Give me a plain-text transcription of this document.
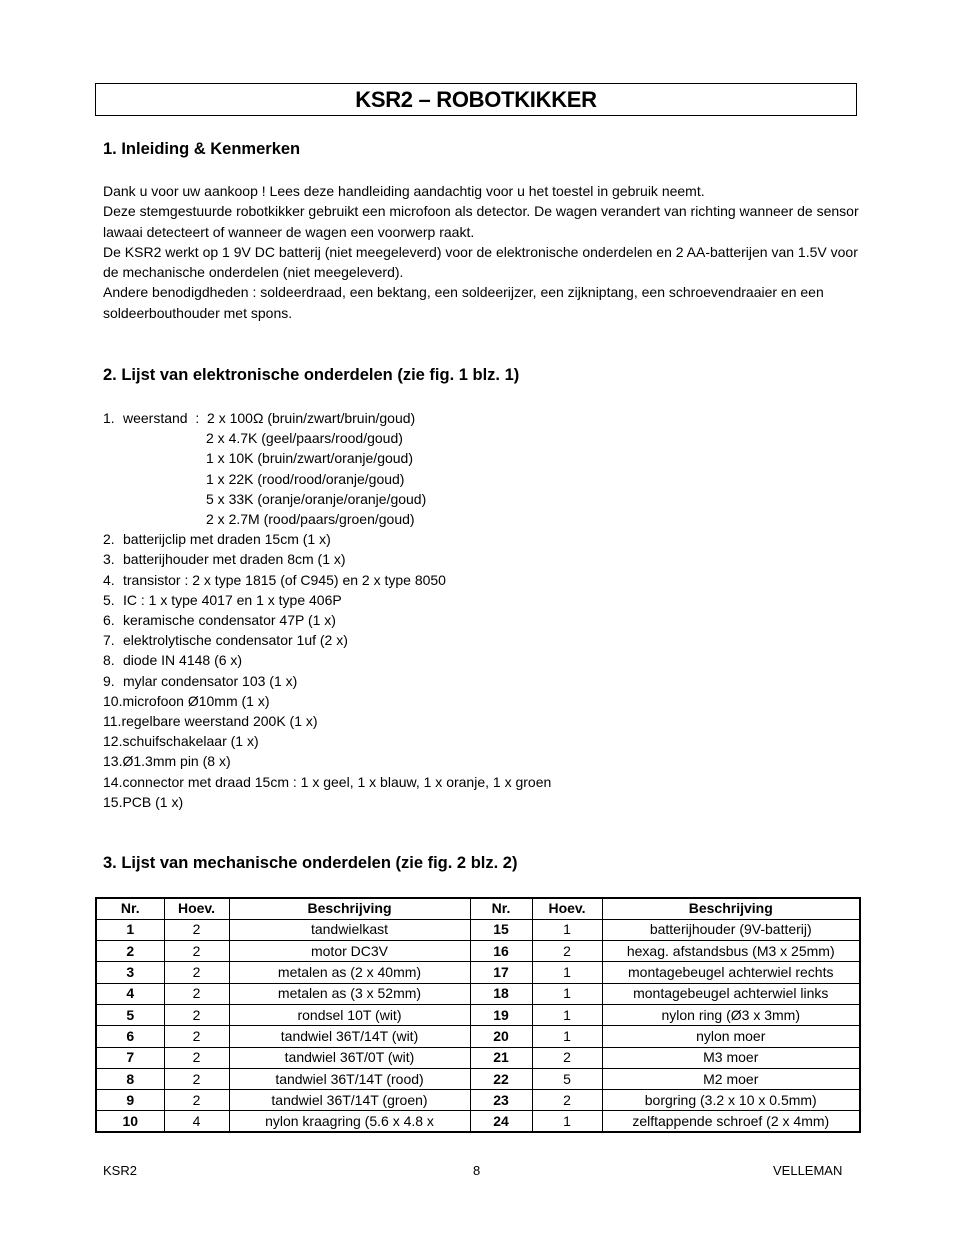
KSR2 – ROBOTKIKKER
1. Inleiding & Kenmerken

Dank u voor uw aankoop ! Lees deze handleiding aandachtig voor u het toestel in gebruik neemt.

Deze stemgestuurde robotkikker gebruikt een microfoon als detector. De wagen verandert van richting wanneer de sensor lawaai detecteert of wanneer de wagen een voorwerp raakt.

De KSR2 werkt op 1 9V DC batterij (niet meegeleverd) voor de elektronische onderdelen en 2 AA-batterijen van 1.5V voor de mechanische onderdelen (niet meegeleverd).

Andere benodigdheden : soldeerdraad, een bektang, een soldeerijzer, een zijkniptang, een schroevendraaier en een soldeerbouthouder met spons.

2. Lijst van elektronische onderdelen (zie fig. 1 blz. 1)
1. weerstand  : 2 x 100Ω (bruin/zwart/bruin/goud)
2 x 4.7K (geel/paars/rood/goud)
1 x 10K (bruin/zwart/oranje/goud)
1 x 22K (rood/rood/oranje/goud)
5 x 33K (oranje/oranje/oranje/goud)
2 x 2.7M (rood/paars/groen/goud)
2. batterijclip met draden 15cm (1 x)
3. batterijhouder met draden 8cm (1 x)
4. transistor : 2 x type 1815 (of C945) en 2 x type 8050
5. IC : 1 x type 4017 en 1 x type 406P
6. keramische condensator 47P (1 x)
7. elektrolytische condensator 1uf (2 x)
8. diode IN 4148 (6 x)
9. mylar condensator 103 (1 x)
10. microfoon Ø10mm (1 x)
11. regelbare weerstand 200K (1 x)
12. schuifschakelaar (1 x)
13. Ø1.3mm pin (8 x)
14. connector met draad 15cm : 1 x geel, 1 x blauw, 1 x oranje, 1 x groen
15. PCB (1 x)
3. Lijst van mechanische onderdelen (zie fig. 2 blz. 2)
Nr.	Hoev.	Beschrijving	Nr.	Hoev.	Beschrijving
1	2	tandwielkast	15	1	batterijhouder (9V-batterij)
2	2	motor DC3V	16	2	hexag. afstandsbus (M3 x 25mm)
3	2	metalen as (2 x 40mm)	17	1	montagebeugel achterwiel rechts
4	2	metalen as (3 x 52mm)	18	1	montagebeugel achterwiel links
5	2	rondsel 10T (wit)	19	1	nylon ring (Ø3 x 3mm)
6	2	tandwiel 36T/14T (wit)	20	1	nylon moer
7	2	tandwiel 36T/0T (wit)	21	2	M3 moer
8	2	tandwiel 36T/14T (rood)	22	5	M2 moer
9	2	tandwiel 36T/14T (groen)	23	2	borgring (3.2 x 10 x 0.5mm)
10	4	nylon kraagring (5.6 x 4.8 x	24	1	zelftappende schroef (2 x 4mm)
KSR2	8	VELLEMAN
